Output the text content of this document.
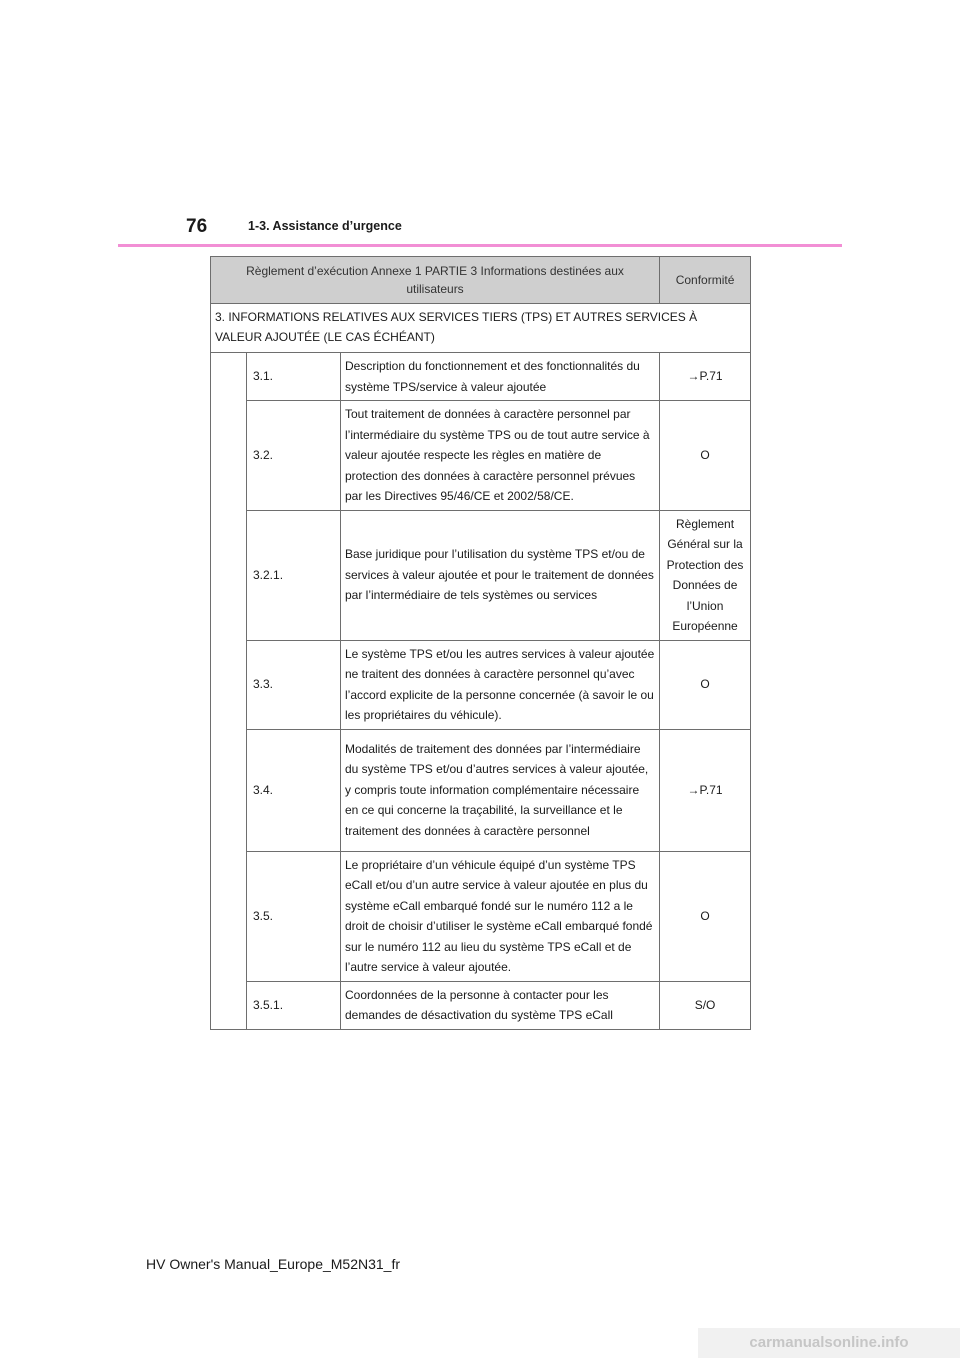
76	1-3. Assistance d’urgence
Règlement d’exécution Annexe 1 PARTIE 3 Informations destinées aux utilisateurs			Conformité
3. INFORMATIONS RELATIVES AUX SERVICES TIERS (TPS) ET AUTRES SERVICES À VALEUR AJOUTÉE (LE CAS ÉCHÉANT)			
	3.1.	Description du fonctionnement et des fonctionnalités du système TPS/service à valeur ajoutée	→P.71
	3.2.	Tout traitement de données à caractère personnel par l’intermédiaire du système TPS ou de tout autre service à valeur ajoutée respecte les règles en matière de protection des données à caractère personnel prévues par les Directives 95/46/CE et 2002/58/CE.	O
	3.2.1.	Base juridique pour l’utilisation du système TPS et/ou de services à valeur ajoutée et pour le traitement de données par l’intermédiaire de tels systèmes ou services	Règlement Général sur la Protection des Données de l’Union Européenne
	3.3.	Le système TPS et/ou les autres services à valeur ajoutée ne traitent des données à caractère personnel qu’avec l’accord explicite de la personne concernée (à savoir le ou les propriétaires du véhicule).	O
	3.4.	Modalités de traitement des données par l’intermédiaire du système TPS et/ou d’autres services à valeur ajoutée, y compris toute information complémentaire nécessaire en ce qui concerne la traçabilité, la surveillance et le traitement des données à caractère personnel	→P.71
	3.5.	Le propriétaire d’un véhicule équipé d’un système TPS eCall et/ou d’un autre service à valeur ajoutée en plus du système eCall embarqué fondé sur le numéro 112 a le droit de choisir d’utiliser le système eCall embarqué fondé sur le numéro 112 au lieu du système TPS eCall et de l’autre service à valeur ajoutée.	O
	3.5.1.	Coordonnées de la personne à contacter pour les demandes de désactivation du système TPS eCall	S/O
HV Owner's Manual_Europe_M52N31_fr
carmanualsonline.info
